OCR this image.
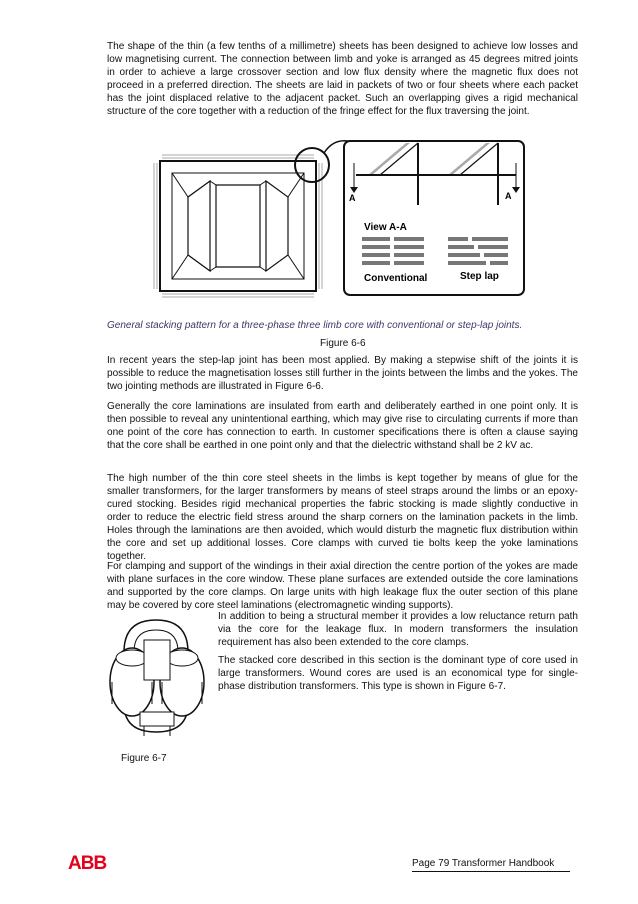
The shape of the thin (a few tenths of a millimetre) sheets has been designed to achieve low losses and low magnetising current. The connection between limb and yoke is arranged as 45 degrees mitred joints in order to achieve a large crossover section and low flux density where the magnetic flux does not proceed in a preferred direction. The sheets are laid in packets of two or four sheets where each packet has the joint displaced relative to the adjacent packet. Such an overlapping gives a rigid mechanical structure of the core together with a reduction of the fringe effect for the flux traversing the joint.

A	A
View A-A
Conventional	Step lap

General stacking pattern for a three-phase three limb core with conventional or step-lap joints.

Figure 6-6

In recent years the step-lap joint has been most applied. By making a stepwise shift of the joints it is possible to reduce the magnetisation losses still further in the joints between the limbs and the yokes. The two jointing methods are illustrated in Figure 6-6.

Generally the core laminations are insulated from earth and deliberately earthed in one point only. It is then possible to reveal any unintentional earthing, which may give rise to circulating currents if more than one point of the core has connection to earth. In customer specifications there is often a clause saying that the core shall be earthed in one point only and that the dielectric withstand shall be 2 kV ac.

The high number of the thin core steel sheets in the limbs is kept together by means of glue for the smaller transformers, for the larger transformers by means of steel straps around the limbs or an epoxy-cured stocking. Besides rigid mechanical properties the fabric stocking is made slightly conductive in order to reduce the electric field stress around the sharp corners on the lamination packets in the limb. Holes through the laminations are then avoided, which would disturb the magnetic flux distribution within the core and set up additional losses. Core clamps with curved tie bolts keep the yoke laminations together.

For clamping and support of the windings in their axial direction the centre portion of the yokes are made with plane surfaces in the core window. These plane surfaces are extended outside the core laminations and supported by the core clamps. On large units with high leakage flux the outer section of this plane may be covered by core steel laminations (electromagnetic winding supports).

In addition to being a structural member it provides a low reluctance return path via the core for the leakage flux. In modern transformers the insulation requirement has also been extended to the core clamps.

The stacked core described in this section is the dominant type of core used in large transformers. Wound cores are used is an economical type for single-phase distribution transformers. This type is shown in Figure 6-7.

Figure 6-7
ABB	Page 79 Transformer Handbook
